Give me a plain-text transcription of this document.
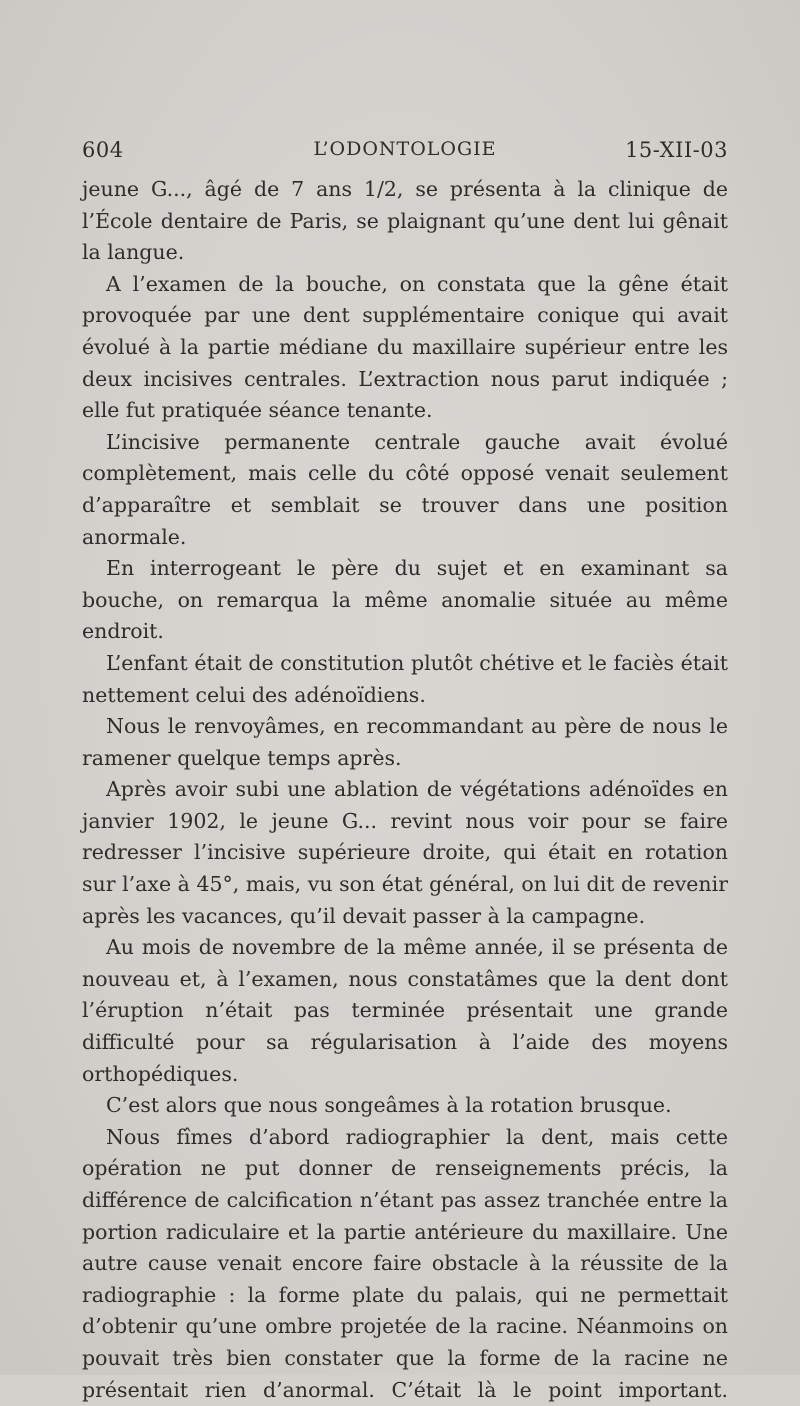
604	L’ODONTOLOGIE	15-XII-03

jeune G..., âgé de 7 ans 1/2, se présenta à la clinique de l’École dentaire de Paris, se plaignant qu’une dent lui gênait la langue.

A l’examen de la bouche, on constata que la gêne était provoquée par une dent supplémentaire conique qui avait évolué à la partie médiane du maxillaire supérieur entre les deux incisives centrales. L’extraction nous parut indiquée ; elle fut pratiquée séance tenante.

L’incisive permanente centrale gauche avait évolué complètement, mais celle du côté opposé venait seulement d’apparaître et semblait se trouver dans une position anormale.

En interrogeant le père du sujet et en examinant sa bouche, on remarqua la même anomalie située au même endroit.

L’enfant était de constitution plutôt chétive et le faciès était nettement celui des adénoïdiens.

Nous le renvoyâmes, en recommandant au père de nous le ramener quelque temps après.

Après avoir subi une ablation de végétations adénoïdes en janvier 1902, le jeune G... revint nous voir pour se faire redresser l’incisive supérieure droite, qui était en rotation sur l’axe à 45°, mais, vu son état général, on lui dit de revenir après les vacances, qu’il devait passer à la campagne.

Au mois de novembre de la même année, il se présenta de nouveau et, à l’examen, nous constatâmes que la dent dont l’éruption n’était pas terminée présentait une grande difficulté pour sa régularisation à l’aide des moyens orthopédiques.

C’est alors que nous songeâmes à la rotation brusque.

Nous fîmes d’abord radiographier la dent, mais cette opération ne put donner de renseignements précis, la différence de calcification n’étant pas assez tranchée entre la portion radiculaire et la partie antérieure du maxillaire. Une autre cause venait encore faire obstacle à la réussite de la radiographie : la forme plate du palais, qui ne permettait d’obtenir qu’une ombre projetée de la racine. Néanmoins on pouvait très bien constater que la forme de la racine ne présentait rien d’anormal. C’était là le point important.
